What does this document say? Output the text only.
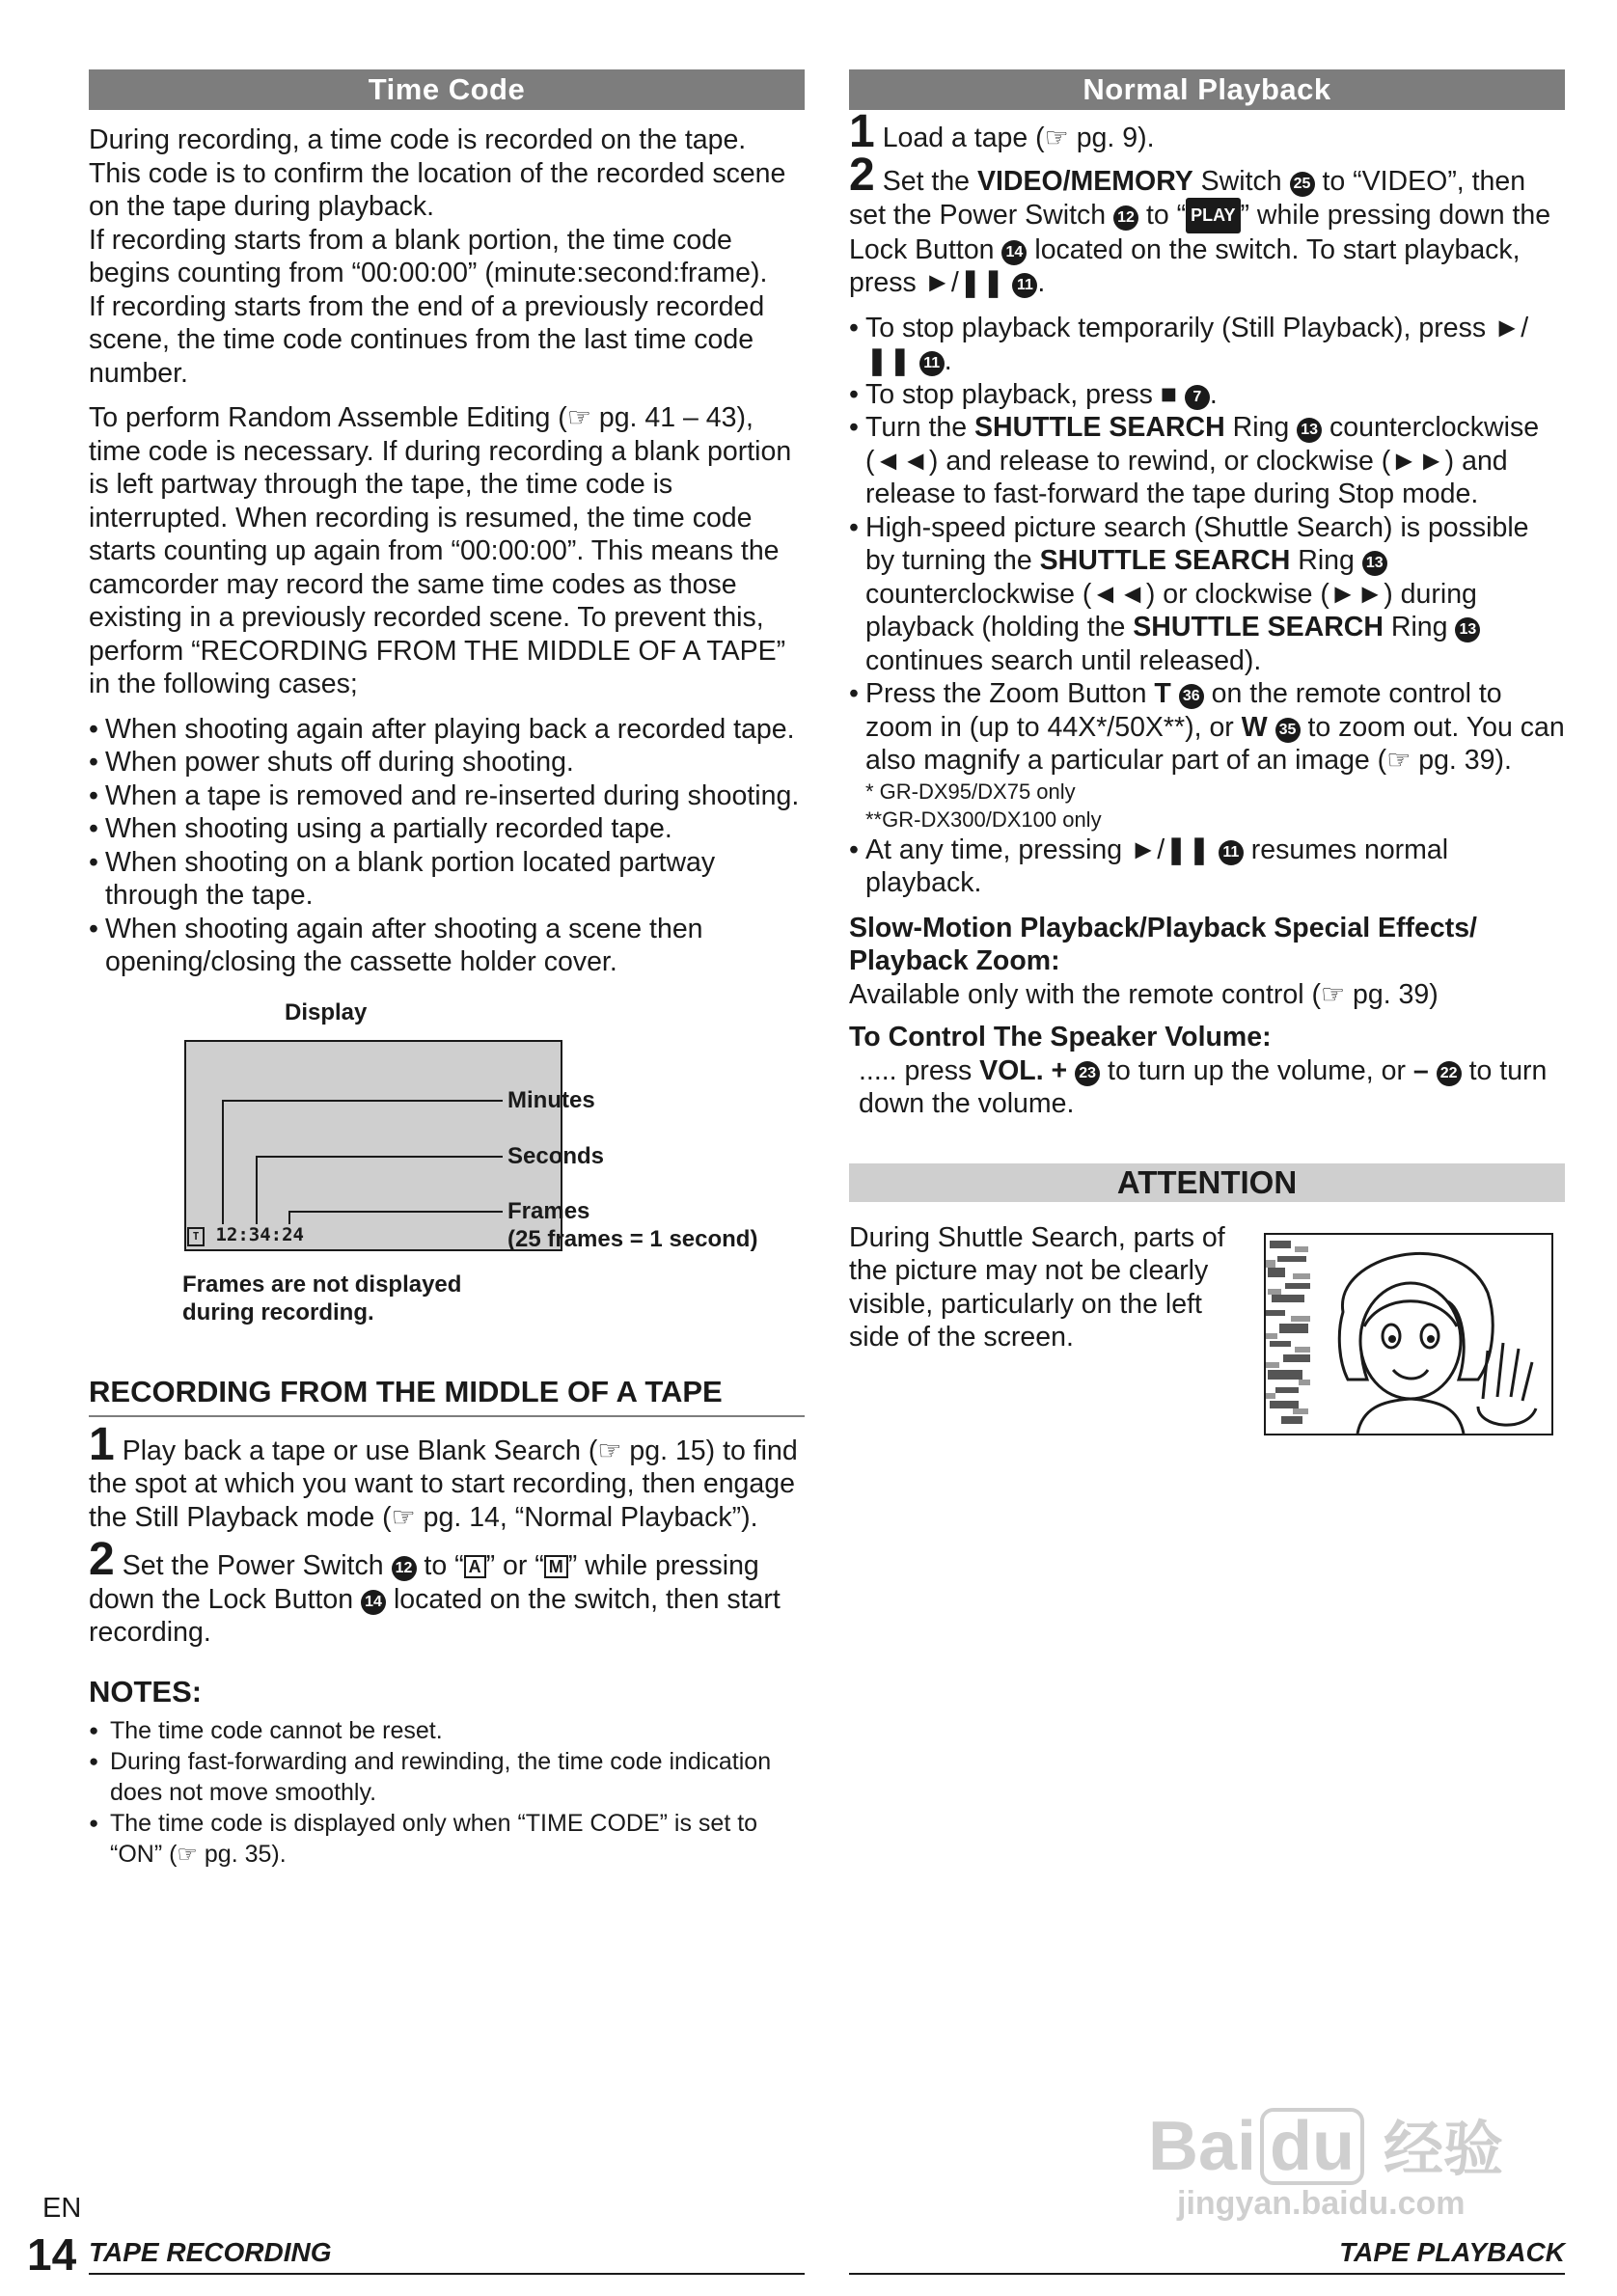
Time Code

During recording, a time code is recorded on the tape. This code is to confirm the location of the recorded scene on the tape during playback.

If recording starts from a blank portion, the time code begins counting from “00:00:00” (minute:second:frame).

If recording starts from the end of a previously recorded scene, the time code continues from the last time code number.

To perform Random Assemble Editing (☞ pg. 41 – 43), time code is necessary. If during recording a blank portion is left partway through the tape, the time code is interrupted. When recording is resumed, the time code starts counting up again from “00:00:00”. This means the camcorder may record the same time codes as those existing in a previously recorded scene. To prevent this, perform “RECORDING FROM THE MIDDLE OF A TAPE” in the following cases;

• When shooting again after playing back a recorded tape.
• When power shuts off during shooting.
• When a tape is removed and re-inserted during shooting.
• When shooting using a partially recorded tape.
• When shooting on a blank portion located partway through the tape.
• When shooting again after shooting a scene then opening/closing the cassette holder cover.
Display
T 12:34:24
Minutes
Seconds
Frames
(25 frames = 1 second)
Frames are not displayed during recording.

RECORDING FROM THE MIDDLE OF A TAPE

1 Play back a tape or use Blank Search (☞ pg. 15) to find the spot at which you want to start recording, then engage the Still Playback mode (☞ pg. 14, “Normal Playback”).

2 Set the Power Switch 12 to “ A ” or “ M ” while pressing down the Lock Button 14 located on the switch, then start recording.

NOTES:

● The time code cannot be reset.
● During fast-forwarding and rewinding, the time code indication does not move smoothly.
● The time code is displayed only when “TIME CODE” is set to “ON” (☞ pg. 35).
Normal Playback

1 Load a tape (☞ pg. 9).

2 Set the VIDEO/MEMORY Switch 25 to “VIDEO”, then set the Power Switch 12 to “ PLAY ” while pressing down the Lock Button 14 located on the switch. To start playback, press ►/❚❚ 11 .

• To stop playback temporarily (Still Playback), press ►/❚❚ 11 .
• To stop playback, press ■ 7 .
• Turn the SHUTTLE SEARCH Ring 13 counterclockwise (◄◄) and release to rewind, or clockwise (►►) and release to fast-forward the tape during Stop mode.
• High-speed picture search (Shuttle Search) is possible by turning the SHUTTLE SEARCH Ring 13 counterclockwise (◄◄) or clockwise (►►) during playback (holding the SHUTTLE SEARCH Ring 13 continues search until released).
• Press the Zoom Button T 36 on the remote control to zoom in (up to 44X*/50X**), or W 35 to zoom out. You can also magnify a particular part of an image (☞ pg. 39).
* GR-DX95/DX75 only
**GR-DX300/DX100 only
• At any time, pressing ►/❚❚ 11 resumes normal playback.

Slow-Motion Playback/Playback Special Effects/ Playback Zoom:

Available only with the remote control (☞ pg. 39)

To Control The Speaker Volume:

..... press VOL. + 23 to turn up the volume, or – 22 to turn down the volume.

ATTENTION

During Shuttle Search, parts of the picture may not be clearly visible, particularly on the left side of the screen.

EN
14 TAPE RECORDING	TAPE PLAYBACK
Bai du 经验
jingyan.baidu.com
